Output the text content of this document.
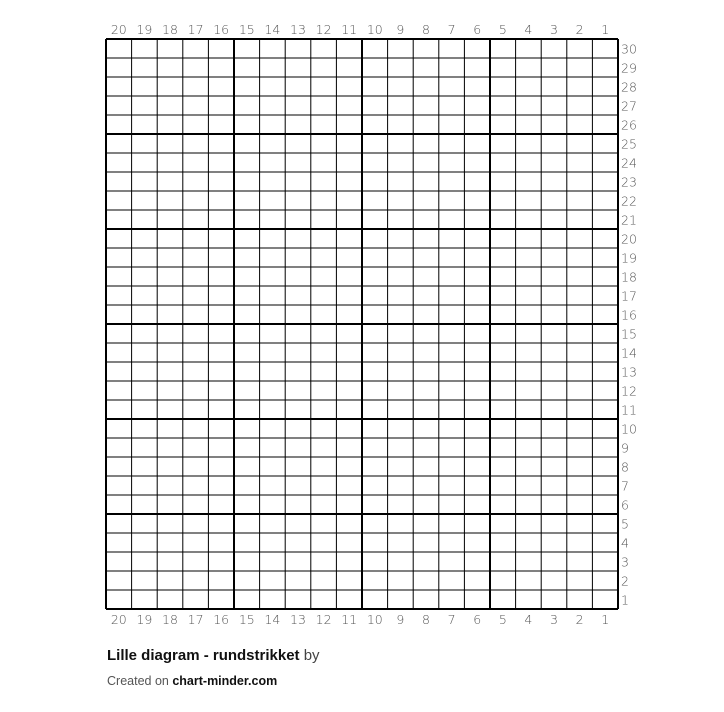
20 19 18 17 16 15 14 13 12 11 10 9 8 7 6 5 4 3 2 1
20 19 18 17 16 15 14 13 12 11 10 9 8 7 6 5 4 3 2 1
30
29
28
27
26
25
24
23
22
21
20
19
18
17
16
15
14
13
12
11
10
9
8
7
6
5
4
3
2
1
Lille diagram - rundstrikket by
Created on chart-minder.com
